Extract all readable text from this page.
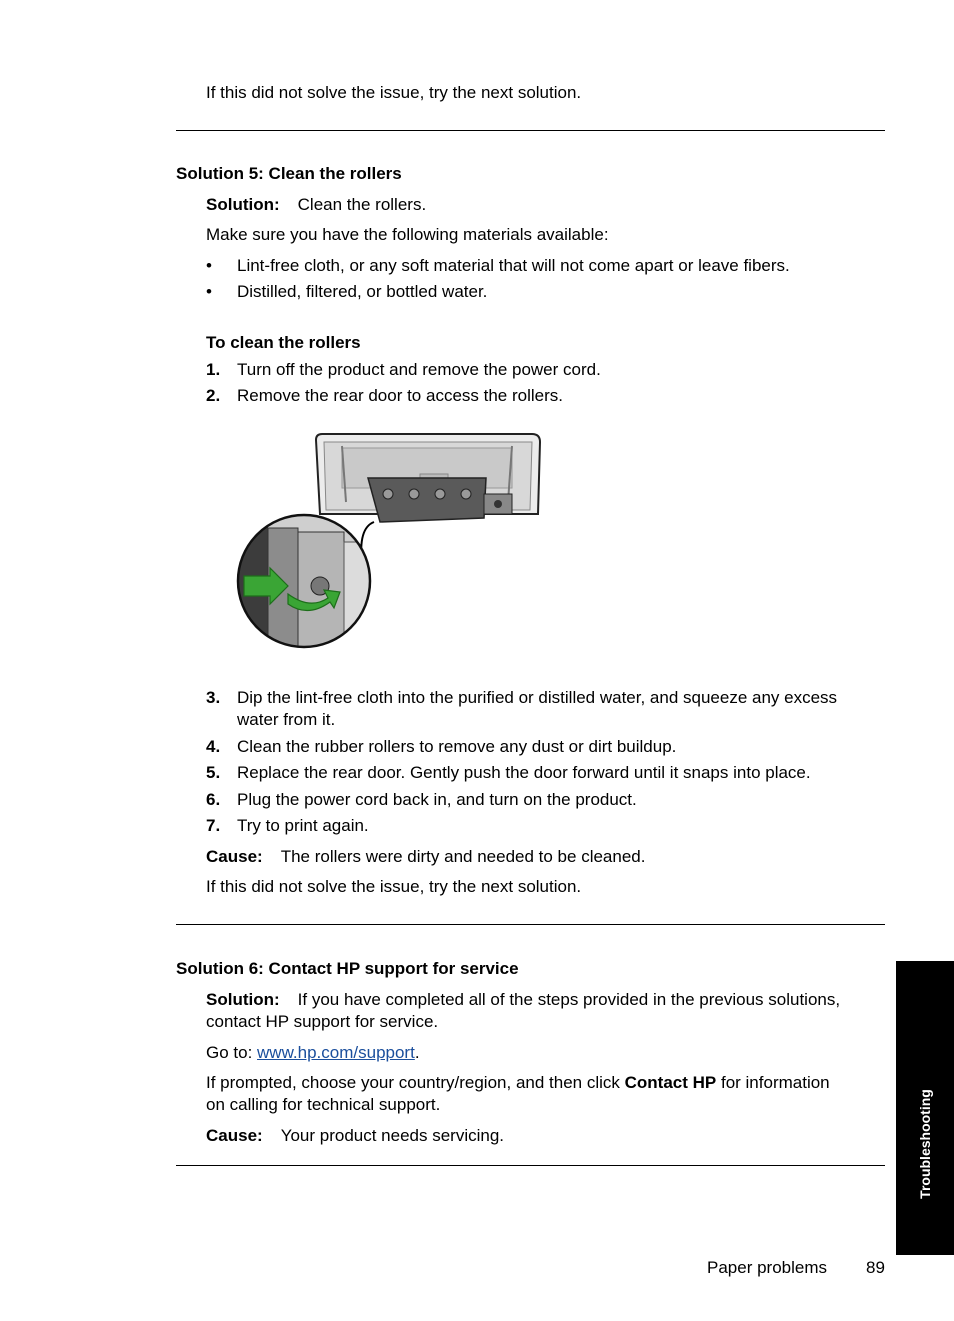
If this did not solve the issue, try the next solution.
Solution 5: Clean the rollers
Solution: Clean the rollers.
Make sure you have the following materials available:
• Lint-free cloth, or any soft material that will not come apart or leave fibers.
• Distilled, filtered, or bottled water.
To clean the rollers
1. Turn off the product and remove the power cord.
2. Remove the rear door to access the rollers.
3. Dip the lint-free cloth into the purified or distilled water, and squeeze any excess
water from it.
4. Clean the rubber rollers to remove any dust or dirt buildup.
5. Replace the rear door. Gently push the door forward until it snaps into place.
6. Plug the power cord back in, and turn on the product.
7. Try to print again.
Cause: The rollers were dirty and needed to be cleaned.
If this did not solve the issue, try the next solution.
Solution 6: Contact HP support for service
Solution: If you have completed all of the steps provided in the previous solutions,
contact HP support for service.
Go to: www.hp.com/support.
If prompted, choose your country/region, and then click Contact HP for information
on calling for technical support.
Cause: Your product needs servicing.	Troubleshooting
Paper problems 89
